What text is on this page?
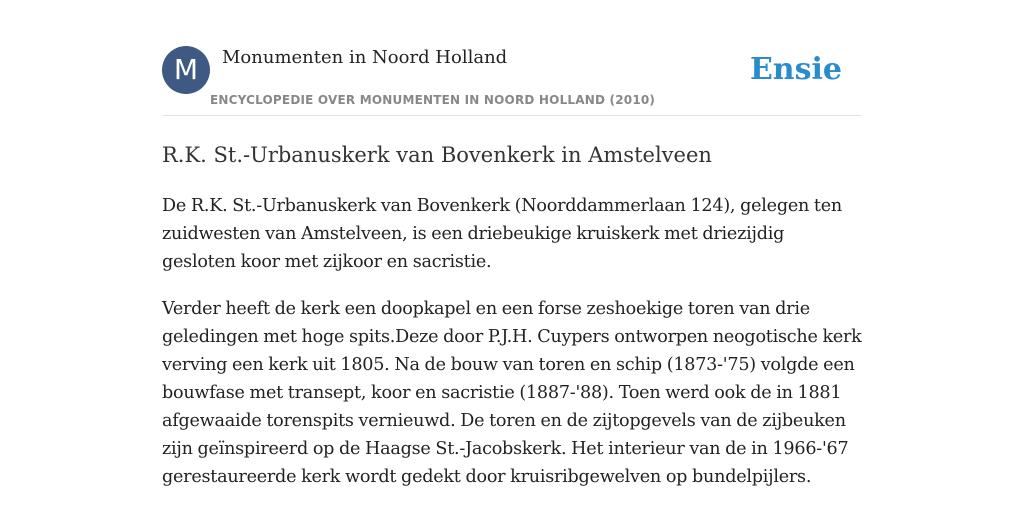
M	Monumenten in Noord Holland
ENCYCLOPEDIE OVER MONUMENTEN IN NOORD HOLLAND (2010)
Ensie
R.K. St.-Urbanuskerk van Bovenkerk in Amstelveen

De R.K. St.-Urbanuskerk van Bovenkerk (Noorddammerlaan 124), gelegen ten zuidwesten van Amstelveen, is een driebeukige kruiskerk met driezijdig gesloten koor met zijkoor en sacristie.

Verder heeft de kerk een doopkapel en een forse zeshoekige toren van drie geledingen met hoge spits.Deze door P.J.H. Cuypers ontworpen neogotische kerk verving een kerk uit 1805. Na de bouw van toren en schip (1873-'75) volgde een bouwfase met transept, koor en sacristie (1887-'88). Toen werd ook de in 1881 afgewaaide torenspits vernieuwd. De toren en de zijtopgevels van de zijbeuken zijn geïnspireerd op de Haagse St.-Jacobskerk. Het interieur van de in 1966-'67 gerestaureerde kerk wordt gedekt door kruisribgewelven op bundelpijlers.
